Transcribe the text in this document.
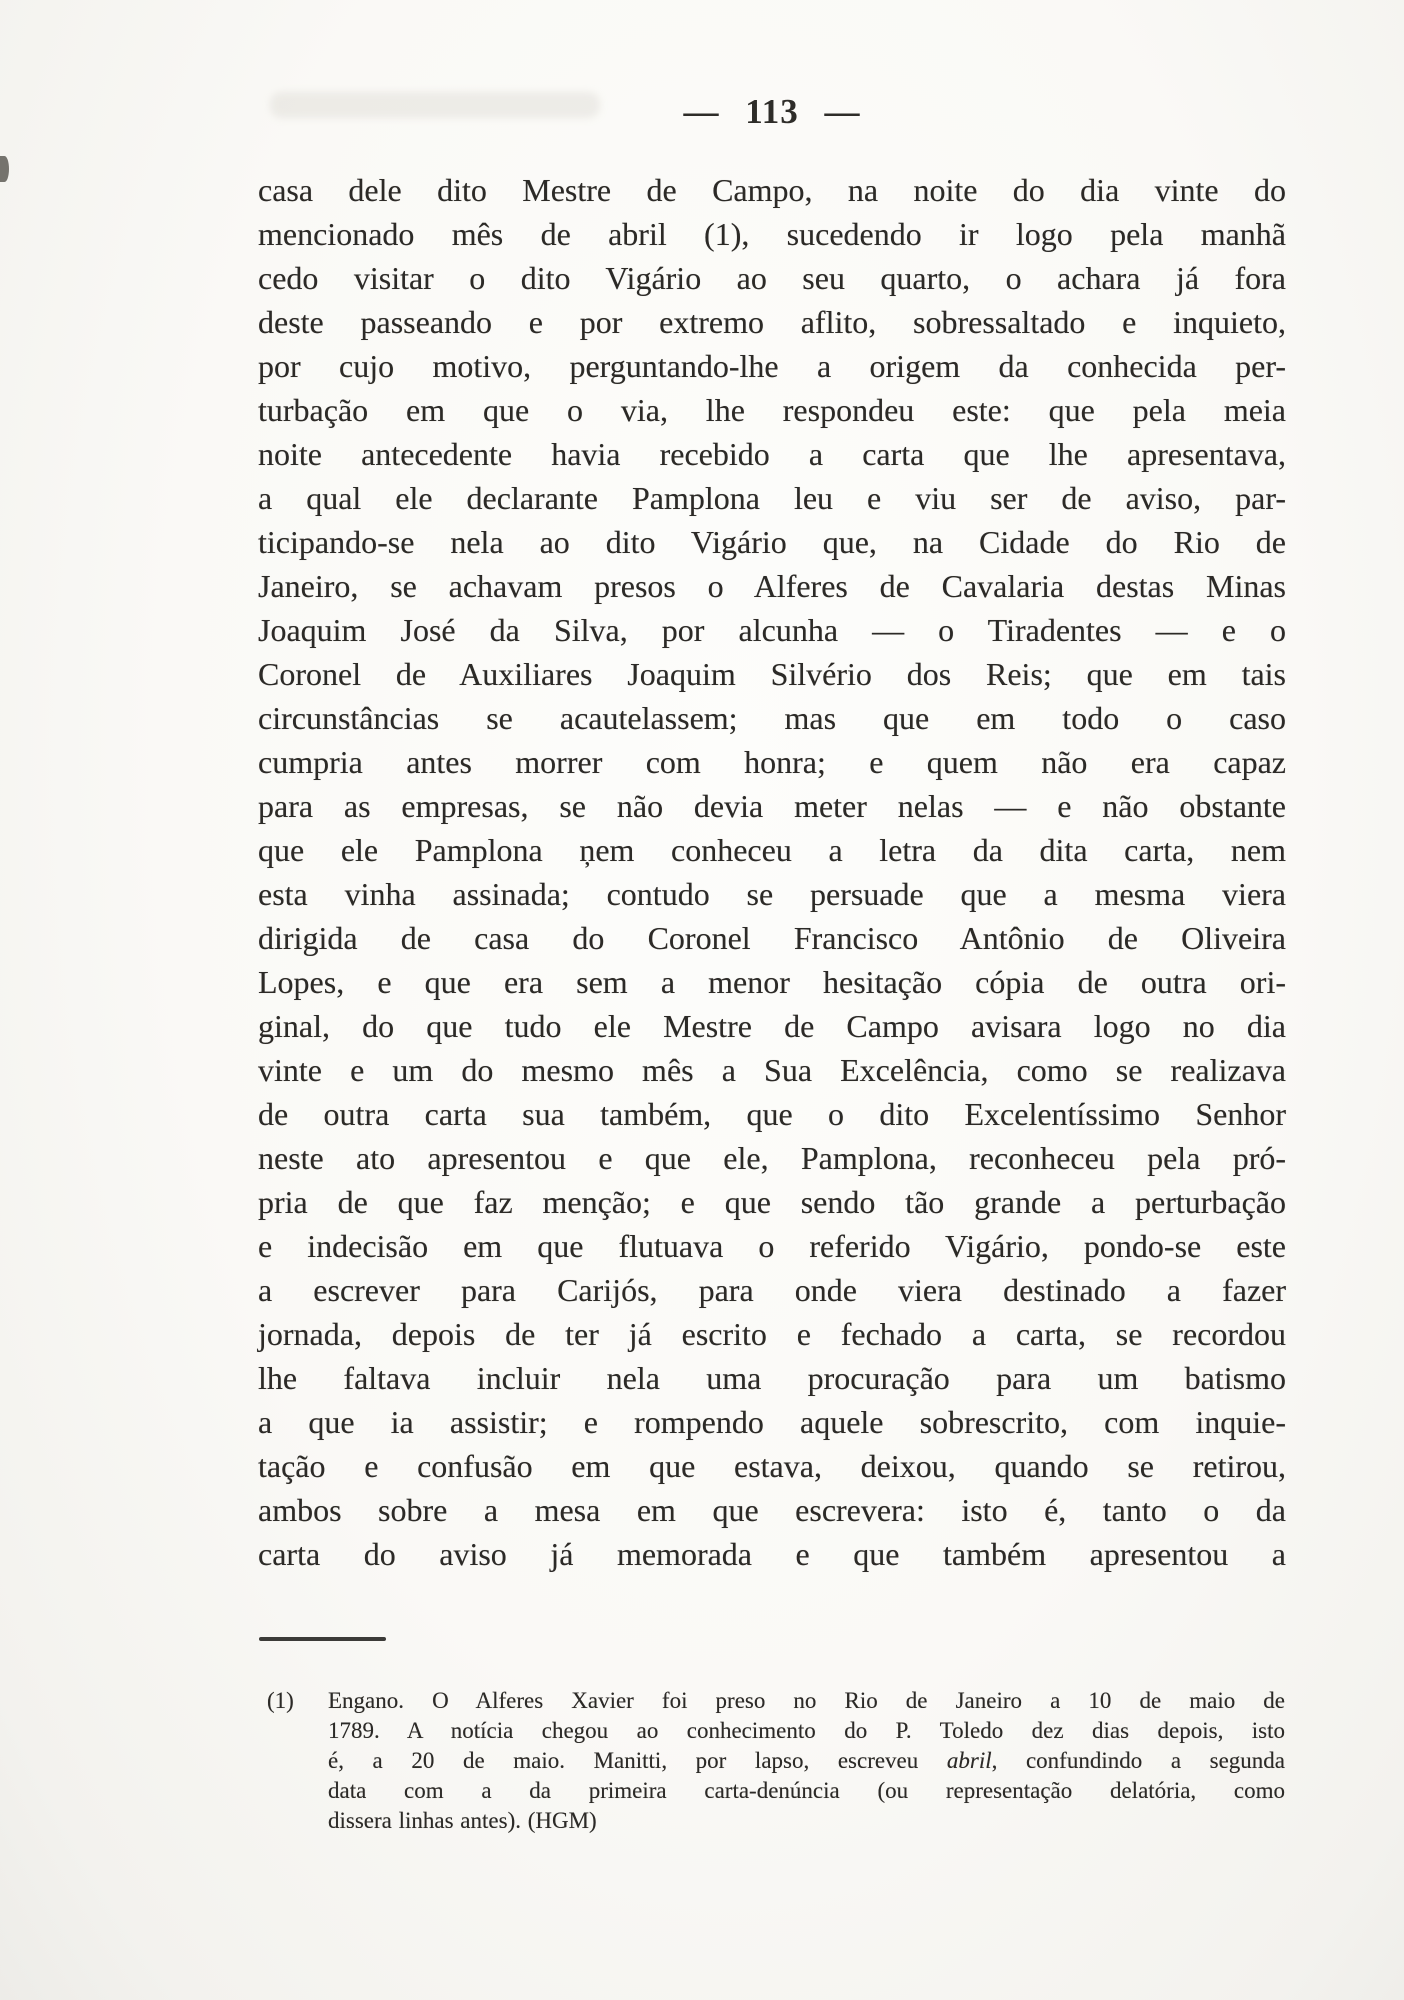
— 113 —
casa dele dito Mestre de Campo, na noite do dia vinte do
mencionado mês de abril (1), sucedendo ir logo pela manhã
cedo visitar o dito Vigário ao seu quarto, o achara já fora
deste passeando e por extremo aflito, sobressaltado e inquieto,
por cujo motivo, perguntando-lhe a origem da conhecida per-
turbação em que o via, lhe respondeu este: que pela meia
noite antecedente havia recebido a carta que lhe apresentava,
a qual ele declarante Pamplona leu e viu ser de aviso, par-
ticipando-se nela ao dito Vigário que, na Cidade do Rio de
Janeiro, se achavam presos o Alferes de Cavalaria destas Minas
Joaquim José da Silva, por alcunha — o Tiradentes — e o
Coronel de Auxiliares Joaquim Silvério dos Reis; que em tais
circunstâncias se acautelassem; mas que em todo o caso
cumpria antes morrer com honra; e quem não era capaz
para as empresas, se não devia meter nelas — e não obstante
que ele Pamplona ņem conheceu a letra da dita carta, nem
esta vinha assinada; contudo se persuade que a mesma viera
dirigida de casa do Coronel Francisco Antônio de Oliveira
Lopes, e que era sem a menor hesitação cópia de outra ori-
ginal, do que tudo ele Mestre de Campo avisara logo no dia
vinte e um do mesmo mês a Sua Excelência, como se realizava
de outra carta sua também, que o dito Excelentíssimo Senhor
neste ato apresentou e que ele, Pamplona, reconheceu pela pró-
pria de que faz menção; e que sendo tão grande a perturbação
e indecisão em que flutuava o referido Vigário, pondo-se este
a escrever para Carijós, para onde viera destinado a fazer
jornada, depois de ter já escrito e fechado a carta, se recordou
lhe faltava incluir nela uma procuração para um batismo
a que ia assistir; e rompendo aquele sobrescrito, com inquie-
tação e confusão em que estava, deixou, quando se retirou,
ambos sobre a mesa em que escrevera: isto é, tanto o da
carta do aviso já memorada e que também apresentou a
(1) Engano. O Alferes Xavier foi preso no Rio de Janeiro a 10 de maio de
1789. A notícia chegou ao conhecimento do P. Toledo dez dias depois, isto
é, a 20 de maio. Manitti, por lapso, escreveu abril, confundindo a segunda
data com a da primeira carta-denúncia (ou representação delatória, como
dissera linhas antes). (HGM)
